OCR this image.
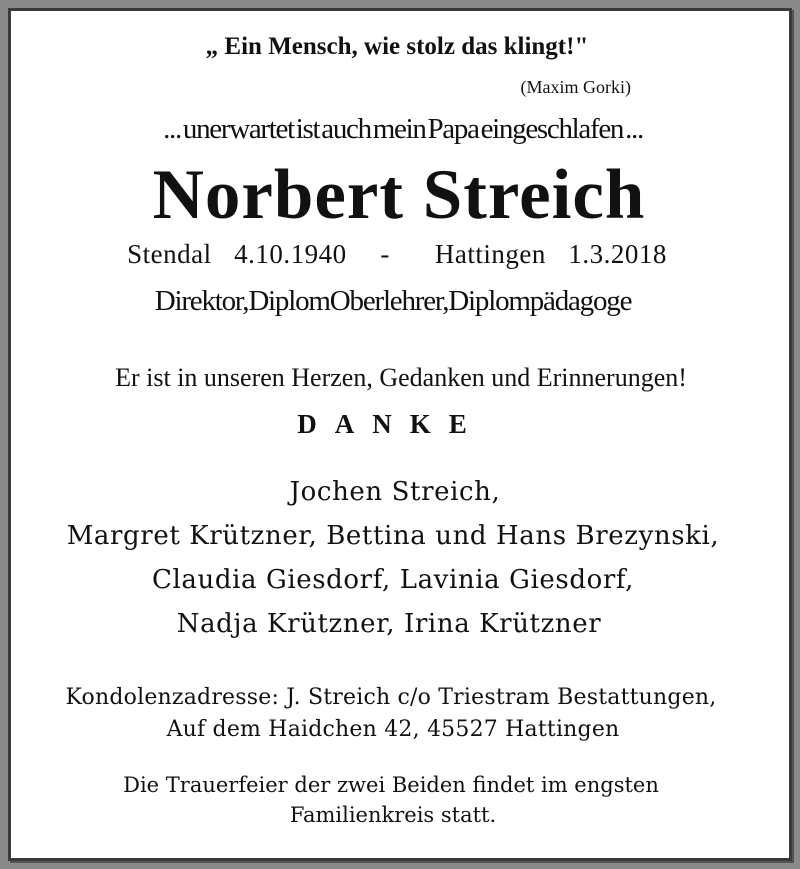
„ Ein Mensch, wie stolz das klingt!"
(Maxim Gorki)
... unerwartet ist auch mein Papa eingeschlafen ...
Norbert Streich
Stendal  4.10.1940   -    Hattingen  1.3.2018
Direktor, Diplom Oberlehrer, Diplompädagoge
Er ist in unseren Herzen, Gedanken und Erinnerungen!
DANKE
Jochen Streich,
Margret Krützner, Bettina und Hans Brezynski,
Claudia Giesdorf, Lavinia Giesdorf,
Nadja Krützner, Irina Krützner
Kondolenzadresse: J. Streich c/o Triestram Bestattungen,
Auf dem Haidchen 42, 45527 Hattingen
Die Trauerfeier der zwei Beiden findet im engsten
Familienkreis statt.
